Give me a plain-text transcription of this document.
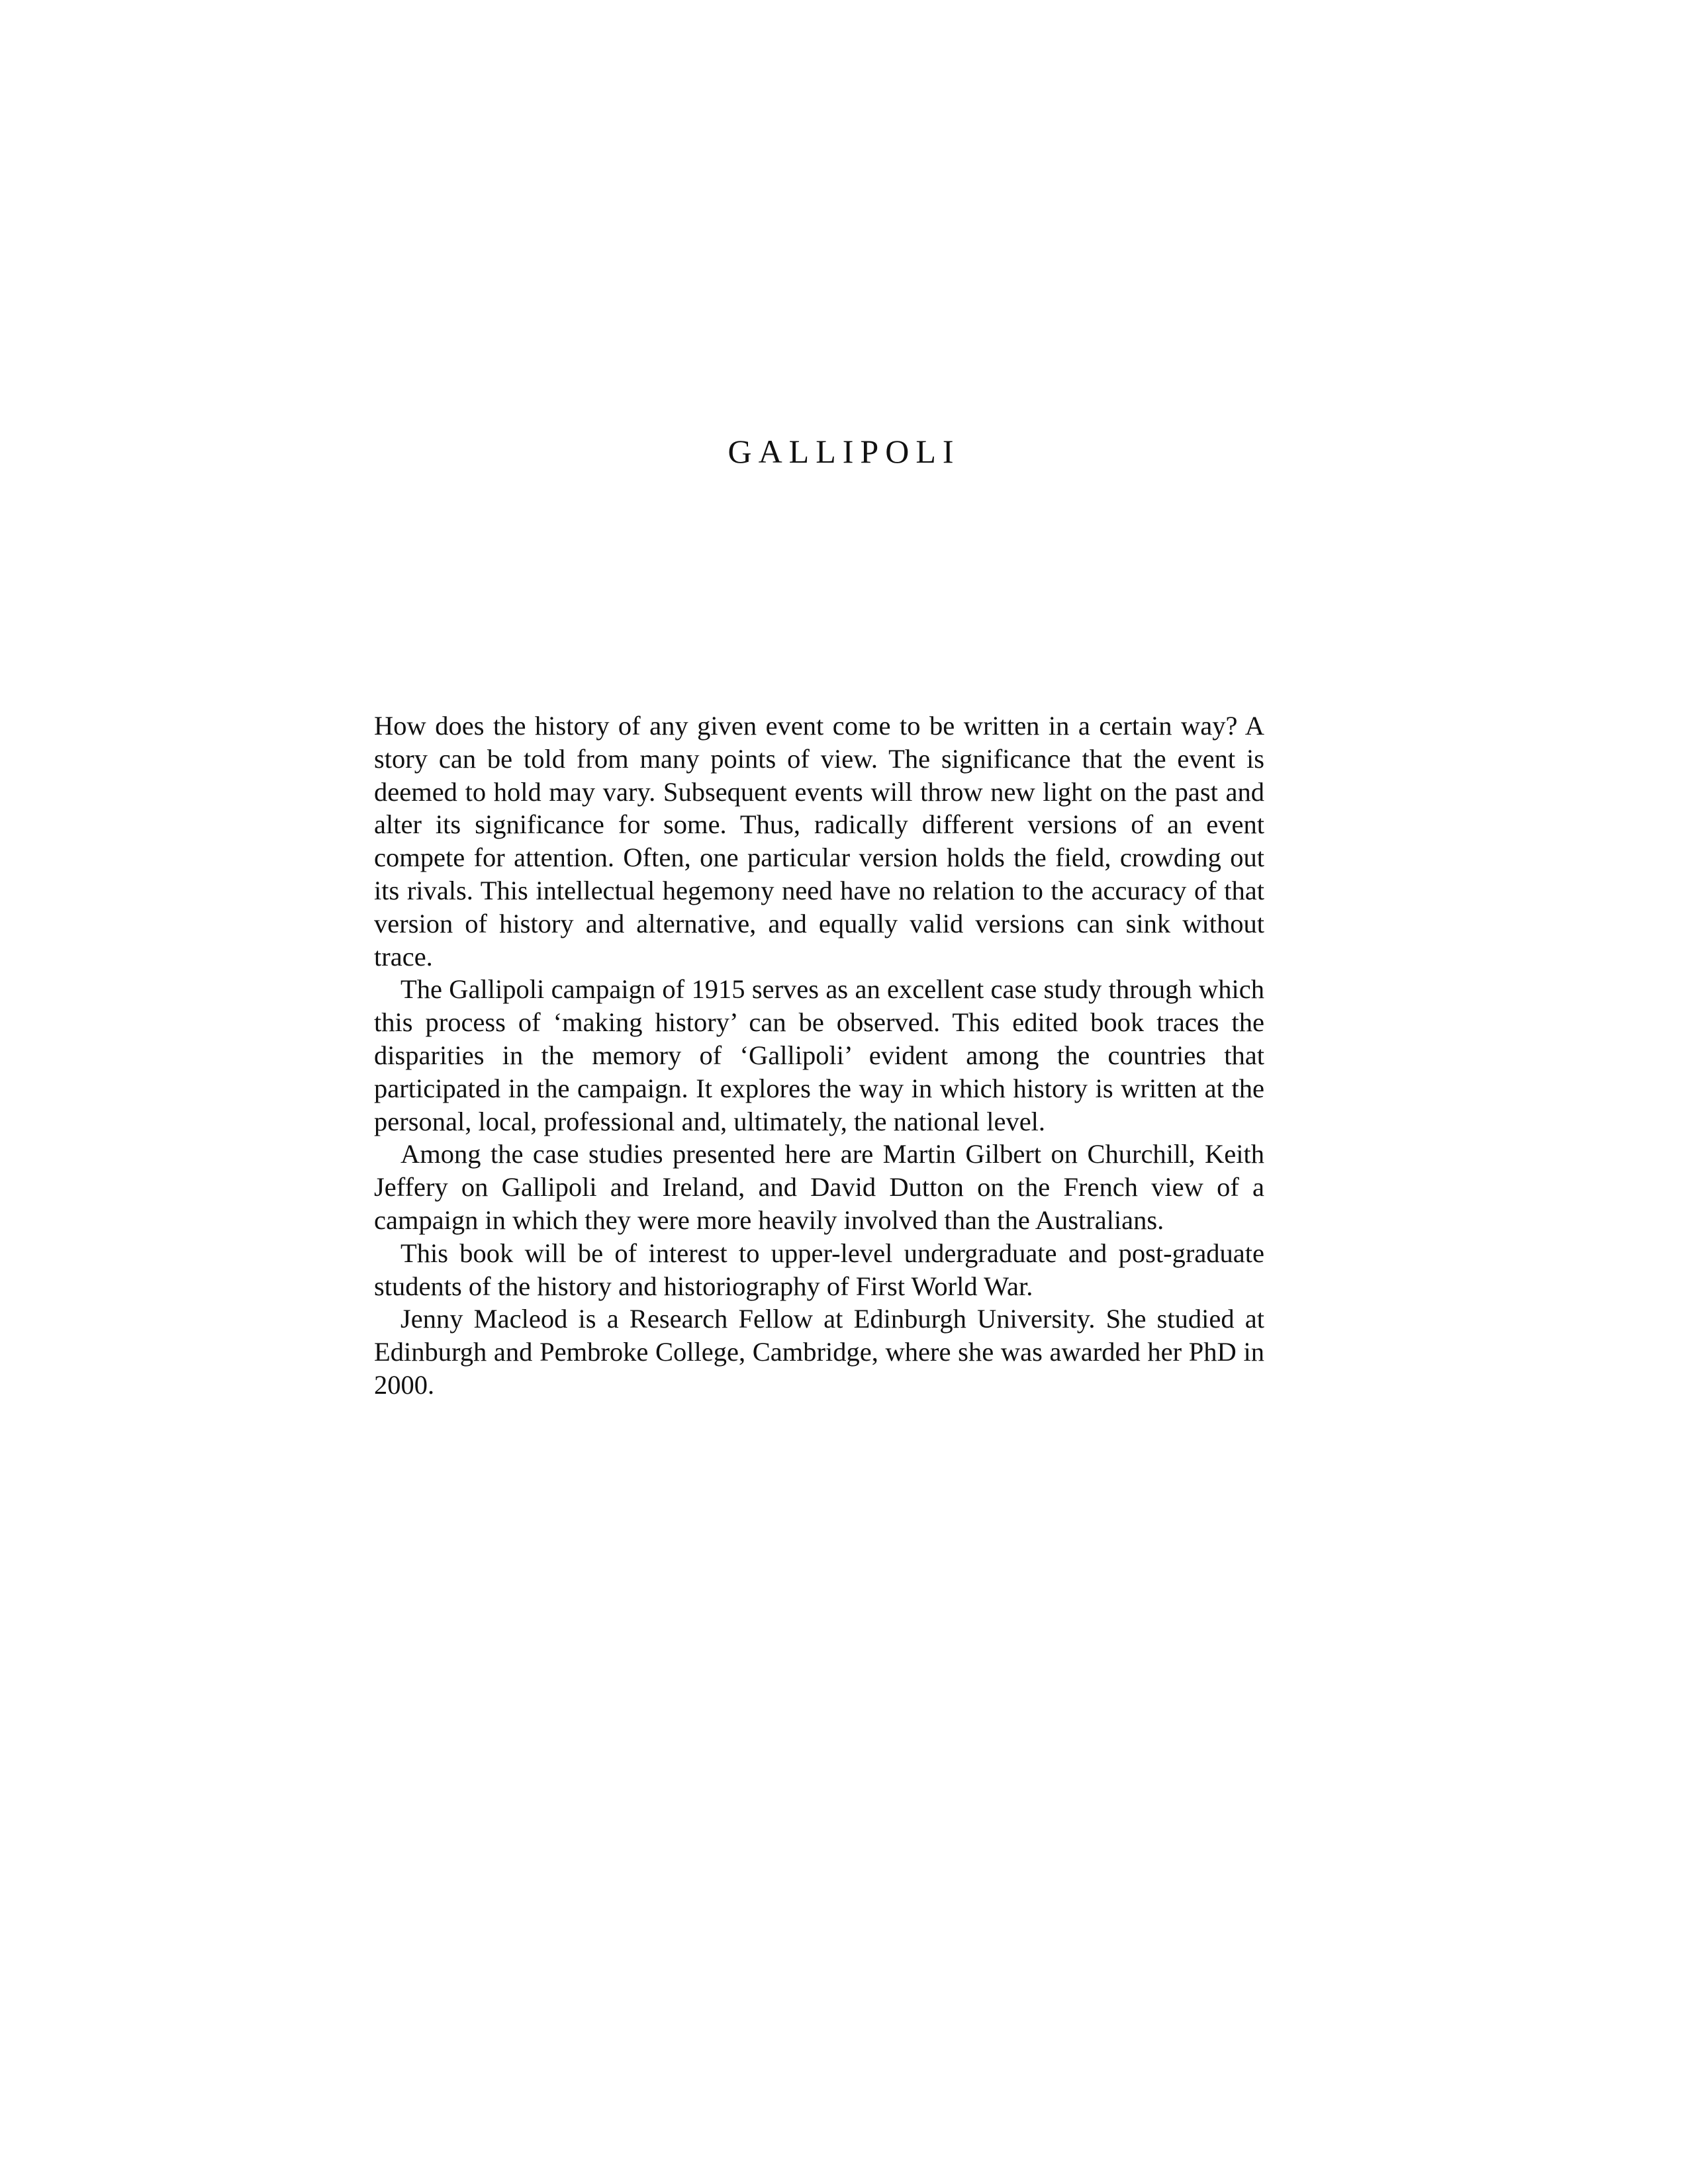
GALLIPOLI

How does the history of any given event come to be written in a certain way? A story can be told from many points of view. The significance that the event is deemed to hold may vary. Subsequent events will throw new light on the past and alter its significance for some. Thus, radically different versions of an event compete for attention. Often, one particular version holds the field, crowding out its rivals. This intellectual hegemony need have no relation to the accuracy of that version of history and alternative, and equally valid versions can sink without trace.

The Gallipoli campaign of 1915 serves as an excellent case study through which this process of ‘making history’ can be observed. This edited book traces the disparities in the memory of ‘Gallipoli’ evident among the countries that participated in the campaign. It explores the way in which history is written at the personal, local, professional and, ultimately, the national level.

Among the case studies presented here are Martin Gilbert on Churchill, Keith Jeffery on Gallipoli and Ireland, and David Dutton on the French view of a campaign in which they were more heavily involved than the Australians.

This book will be of interest to upper-level undergraduate and post-graduate students of the history and historiography of First World War.

Jenny Macleod is a Research Fellow at Edinburgh University. She studied at Edinburgh and Pembroke College, Cambridge, where she was awarded her PhD in 2000.
